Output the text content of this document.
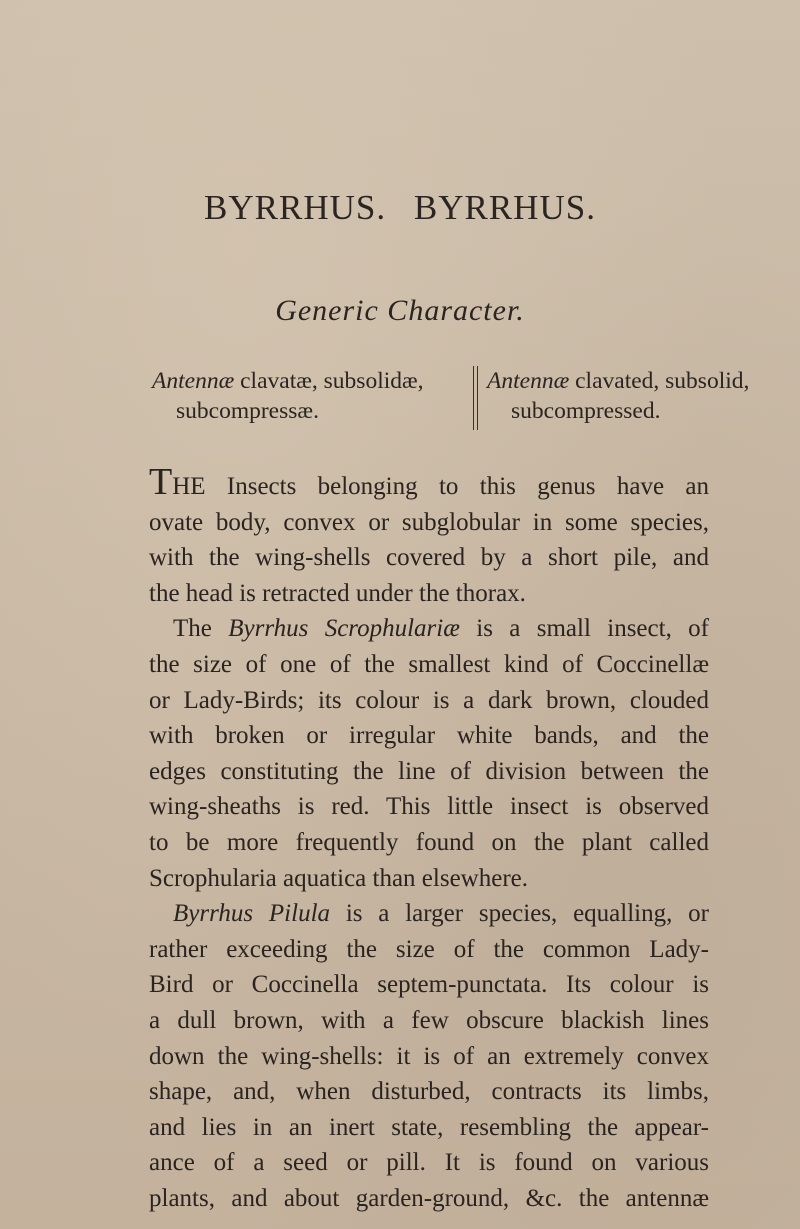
BYRRHUS. BYRRHUS.
Generic Character.
Antennæ clavatæ, subsolidæ,
subcompressæ.
Antennæ clavated, subsolid,
subcompressed.
THE Insects belonging to this genus have an
ovate body, convex or subglobular in some species,
with the wing-shells covered by a short pile, and
the head is retracted under the thorax.
The Byrrhus Scrophulariæ is a small insect, of
the size of one of the smallest kind of Coccinellæ
or Lady-Birds; its colour is a dark brown, clouded
with broken or irregular white bands, and the
edges constituting the line of division between the
wing-sheaths is red. This little insect is observed
to be more frequently found on the plant called
Scrophularia aquatica than elsewhere.
Byrrhus Pilula is a larger species, equalling, or
rather exceeding the size of the common Lady-
Bird or Coccinella septem-punctata. Its colour is
a dull brown, with a few obscure blackish lines
down the wing-shells: it is of an extremely convex
shape, and, when disturbed, contracts its limbs,
and lies in an inert state, resembling the appear-
ance of a seed or pill. It is found on various
plants, and about garden-ground, &c. the antennæ
